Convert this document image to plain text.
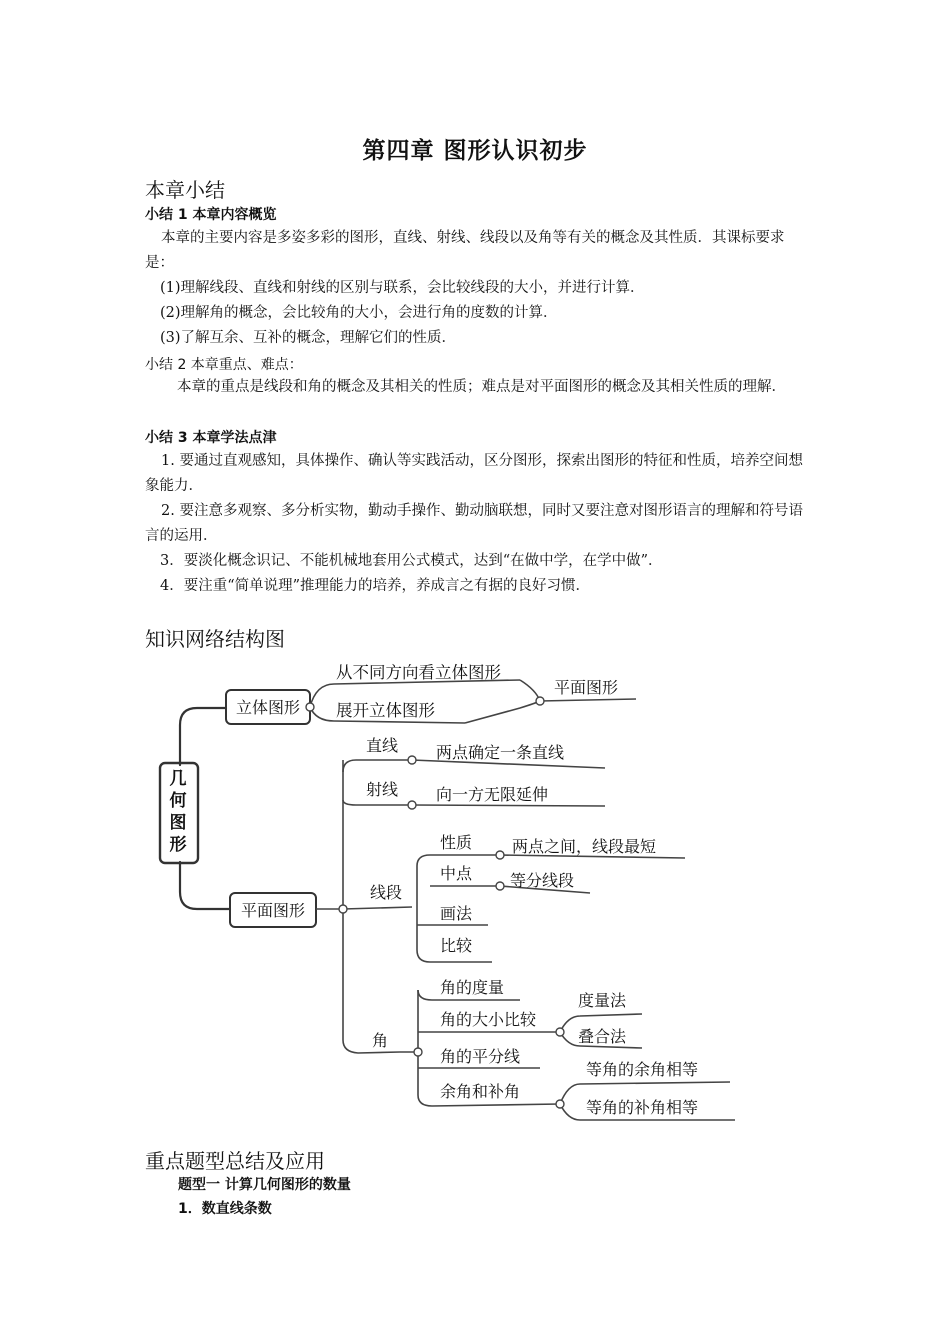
第四章 图形认识初步
本章小结
小结 1 本章内容概览
本章的主要内容是多姿多彩的图形，直线、射线、线段以及角等有关的概念及其性质．其课标要求是：
(1)理解线段、直线和射线的区别与联系，会比较线段的大小，并进行计算．
(2)理解角的概念，会比较角的大小，会进行角的度数的计算．
(3)了解互余、互补的概念，理解它们的性质．
小结 2 本章重点、难点：
本章的重点是线段和角的概念及其相关的性质；难点是对平面图形的概念及其相关性质的理解．
小结 3 本章学法点津
1. 要通过直观感知，具体操作、确认等实践活动，区分图形，探索出图形的特征和性质，培养空间想象能力．
2. 要注意多观察、多分析实物，勤动手操作、勤动脑联想，同时又要注意对图形语言的理解和符号语言的运用．
3．要淡化概念识记、不能机械地套用公式模式，达到“在做中学，在学中做”．
4．要注重“简单说理”推理能力的培养，养成言之有据的良好习惯．
知识网络结构图
几何图形
立体图形
从不同方向看立体图形
展开立体图形
平面图形
平面图形
直线 两点确定一条直线
射线 向一方无限延伸
线段
性质 两点之间，线段最短
中点 等分线段
画法
比较
角
角的度量
角的大小比较
度量法
叠合法
角的平分线
余角和补角
等角的余角相等
等角的补角相等
重点题型总结及应用
题型一 计算几何图形的数量
1．数直线条数
